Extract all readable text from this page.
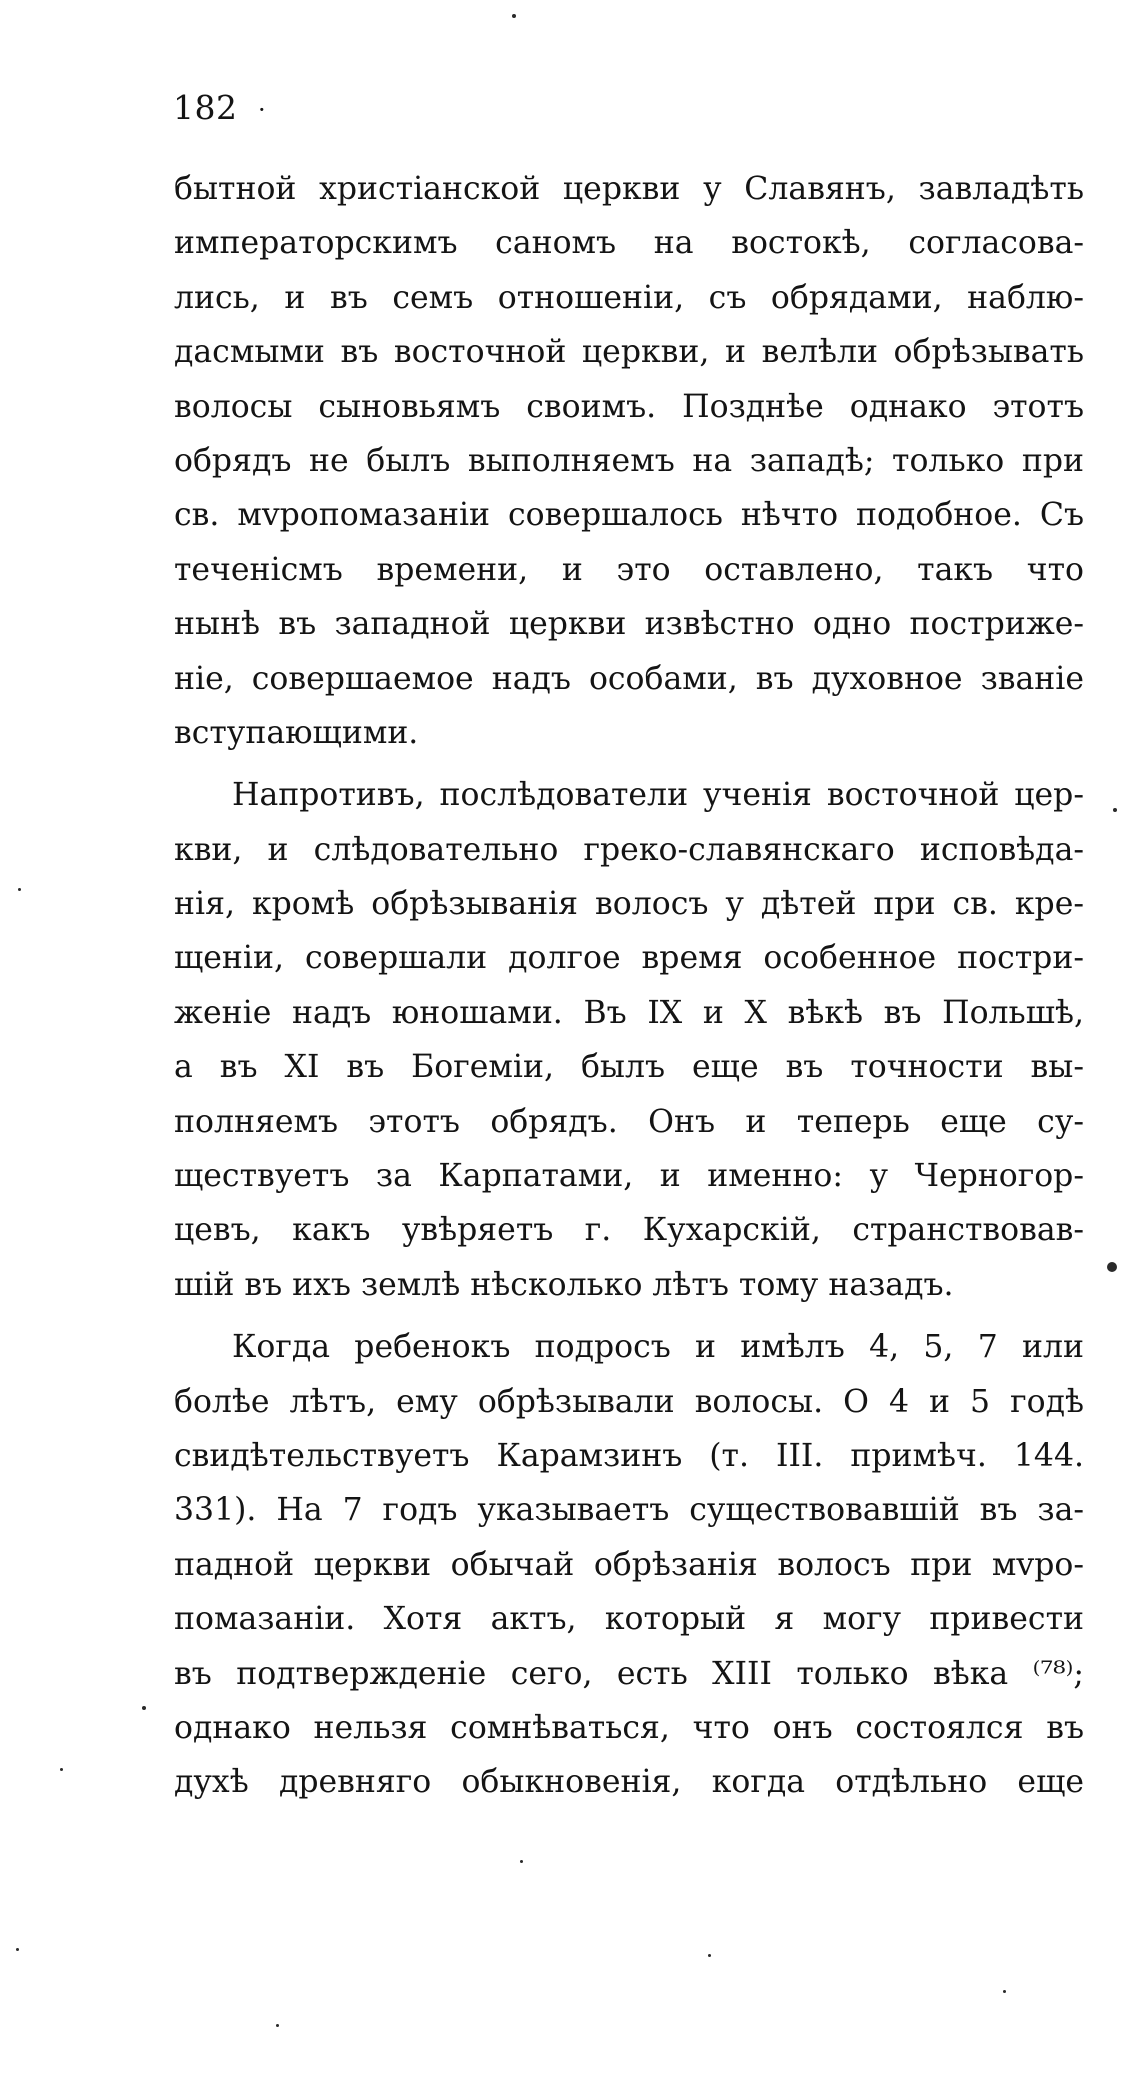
182 ·
бытной христіанской церкви у Славянъ, завладѣть
императорскимъ саномъ на востокѣ, согласова-
лись, и въ семъ отношеніи, съ обрядами, наблю-
дасмыми въ восточной церкви, и велѣли обрѣзывать
волосы сыновьямъ своимъ. Позднѣе однако этотъ
обрядъ не былъ выполняемъ на западѣ; только при
св. мvропомазаніи совершалось нѣчто подобное. Съ
теченісмъ времени, и это оставлено, такъ что
нынѣ въ западной церкви извѣстно одно постриже-
ніе, совершаемое надъ особами, въ духовное званіе
вступающими.
Напротивъ, послѣдователи ученія восточной цер-
кви, и слѣдовательно греко-славянскаго исповѣда-
нія, кромѣ обрѣзыванія волосъ у дѣтей при св. кре-
щеніи, совершали долгое время особенное постри-
женіе надъ юношами. Въ IX и X вѣкѣ въ Польшѣ,
а въ XI въ Богеміи, былъ еще въ точности вы-
полняемъ этотъ обрядъ. Онъ и теперь еще су-
ществуетъ за Карпатами, и именно: у Черногор-
цевъ, какъ увѣряетъ г. Кухарскій, странствовав-
шій въ ихъ землѣ нѣсколько лѣтъ тому назадъ.
Когда ребенокъ подросъ и имѣлъ 4, 5, 7 или
болѣе лѣтъ, ему обрѣзывали волосы. О 4 и 5 годѣ
свидѣтельствуетъ Карамзинъ (т. III. примѣч. 144.
331). На 7 годъ указываетъ существовавшій въ за-
падной церкви обычай обрѣзанія волосъ при мvро-
помазаніи. Хотя актъ, который я могу привести
въ подтвержденіе сего, есть XIII только вѣка ⁽⁷⁸⁾;
однако нельзя сомнѣваться, что онъ состоялся въ
духѣ древняго обыкновенія, когда отдѣльно еще
